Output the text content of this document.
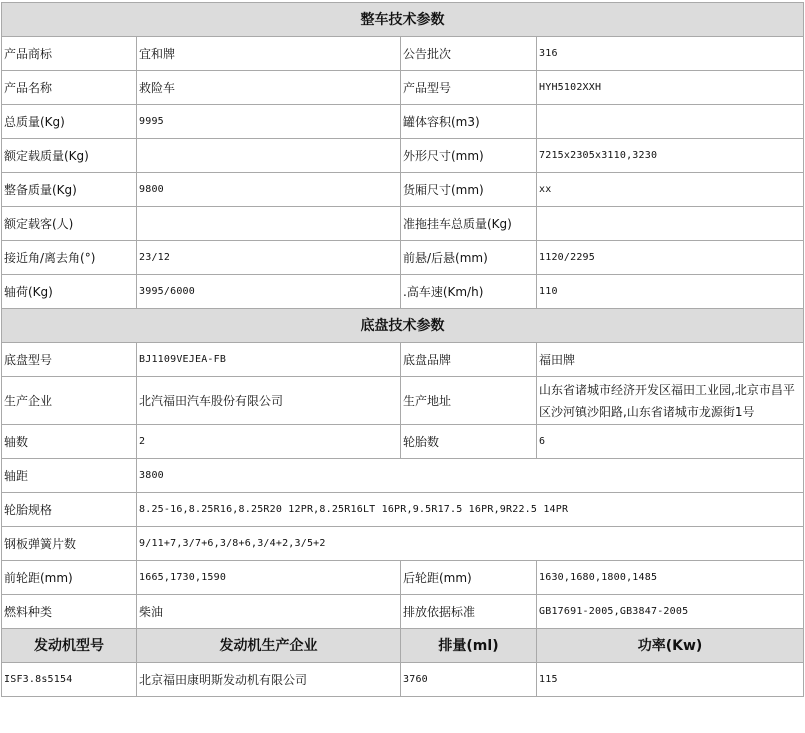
整车技术参数			
产品商标	宜和牌	公告批次	316
产品名称	救险车	产品型号	HYH5102XXH
总质量(Kg)	9995	罐体容积(m3)	
额定载质量(Kg)		外形尺寸(mm)	7215x2305x3110,3230
整备质量(Kg)	9800	货厢尺寸(mm)	xx
额定载客(人)		准拖挂车总质量(Kg)	
接近角/离去角(°)	23/12	前悬/后悬(mm)	1120/2295
轴荷(Kg)	3995/6000	.高车速(Km/h)	110
底盘技术参数			
底盘型号	BJ1109VEJEA-FB	底盘品牌	福田牌
生产企业	北汽福田汽车股份有限公司	生产地址	山东省诸城市经济开发区福田工业园,北京市昌平区沙河镇沙阳路,山东省诸城市龙源街1号
轴数	2	轮胎数	6
轴距	3800		
轮胎规格	8.25-16,8.25R16,8.25R20 12PR,8.25R16LT 16PR,9.5R17.5 16PR,9R22.5 14PR		
钢板弹簧片数	9/11+7,3/7+6,3/8+6,3/4+2,3/5+2		
前轮距(mm)	1665,1730,1590	后轮距(mm)	1630,1680,1800,1485
燃料种类	柴油	排放依据标准	GB17691-2005,GB3847-2005
发动机型号	发动机生产企业	排量(ml)	功率(Kw)
ISF3.8s5154	北京福田康明斯发动机有限公司	3760	115
